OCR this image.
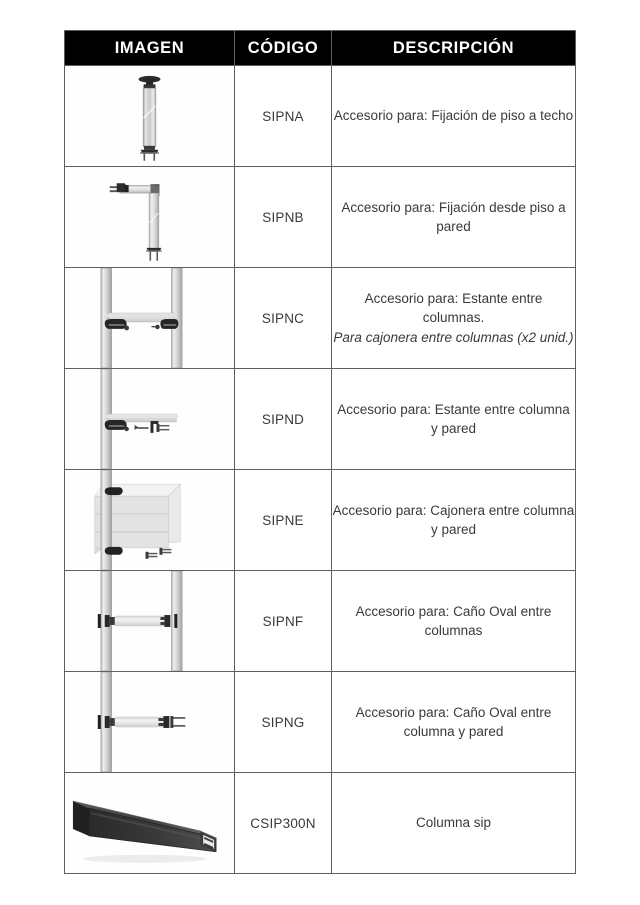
IMAGEN	CÓDIGO	DESCRIPCIÓN

	SIPNA	Accesorio para: Fijación de piso a techo

	SIPNB	Accesorio para: Fijación desde piso a pared

	SIPNC	Accesorio para: Estante entre columnas.
Para cajonera entre columnas (x2 unid.)

	SIPND	Accesorio para: Estante entre columna y pared

	SIPNE	Accesorio para: Cajonera entre columna y pared

	SIPNF	Accesorio para: Caño Oval entre columnas

	SIPNG	Accesorio para: Caño Oval entre columna y pared

	CSIP300N	Columna sip
